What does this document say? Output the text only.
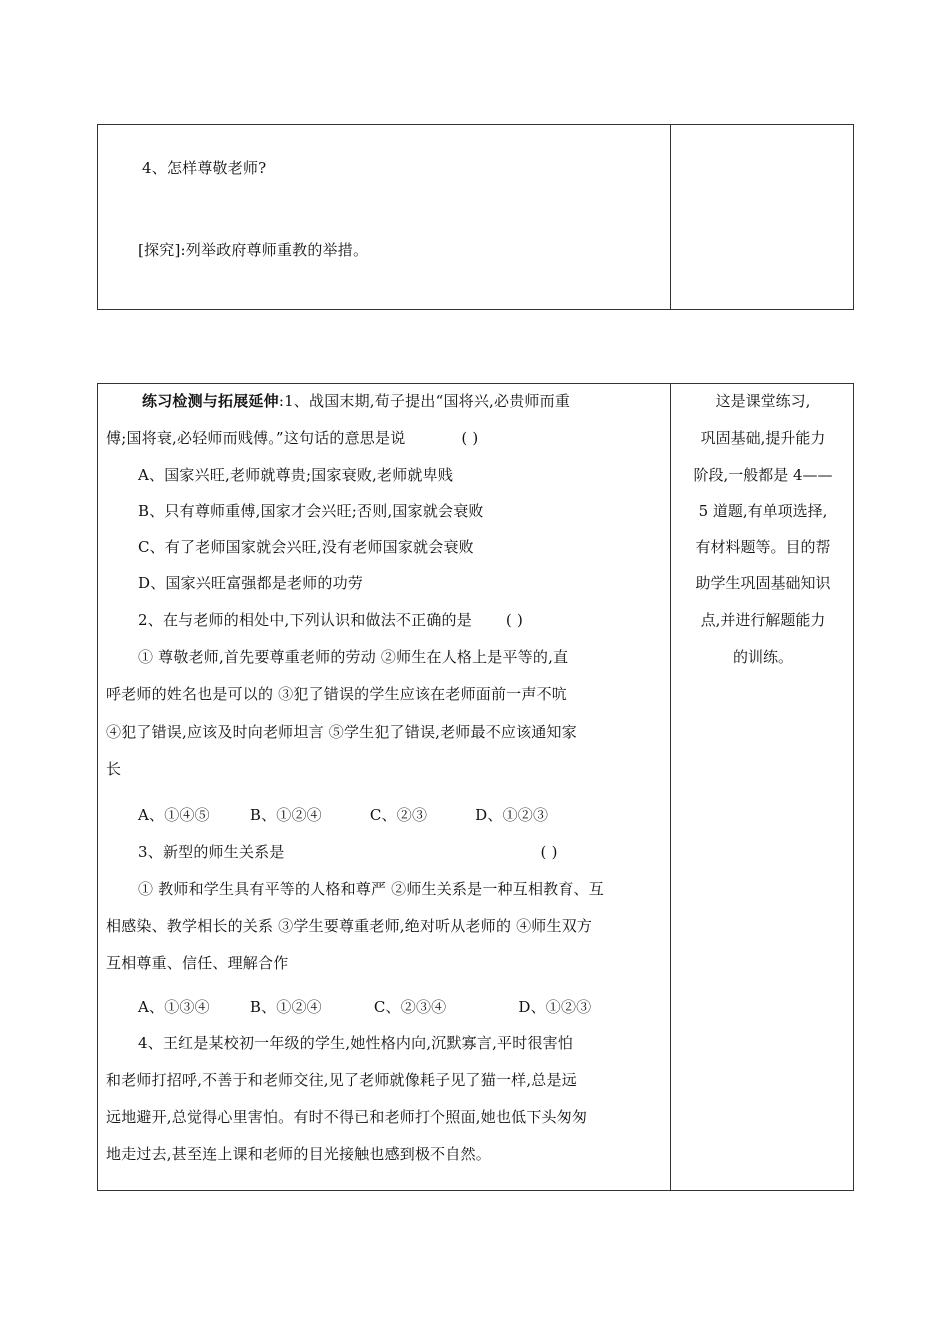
4、怎样尊敬老师?
[探究]:列举政府尊师重教的举措。
练习检测与拓展延伸:1、战国末期,荀子提出“国将兴,必贵师而重
傅;国将衰,必轻师而贱傅。”这句话的意思是说	( )
A、国家兴旺,老师就尊贵;国家衰败,老师就卑贱
B、只有尊师重傅,国家才会兴旺;否则,国家就会衰败
C、有了老师国家就会兴旺,没有老师国家就会衰败
D、国家兴旺富强都是老师的功劳
2、在与老师的相处中,下列认识和做法不正确的是 ( )
① 尊敬老师,首先要尊重老师的劳动 ②师生在人格上是平等的,直
呼老师的姓名也是可以的 ③犯了错误的学生应该在老师面前一声不吭
④犯了错误,应该及时向老师坦言 ⑤学生犯了错误,老师最不应该通知家
长
A、①④⑤	B、①②④	C、②③	D、①②③
3、新型的师生关系是	( )
① 教师和学生具有平等的人格和尊严 ②师生关系是一种互相教育、互
相感染、教学相长的关系 ③学生要尊重老师,绝对听从老师的 ④师生双方
互相尊重、信任、理解合作
A、①③④	B、①②④	C、②③④	D、①②③
4、王红是某校初一年级的学生,她性格内向,沉默寡言,平时很害怕
和老师打招呼,不善于和老师交往,见了老师就像耗子见了猫一样,总是远
远地避开,总觉得心里害怕。有时不得已和老师打个照面,她也低下头匆匆
地走过去,甚至连上课和老师的目光接触也感到极不自然。
这是课堂练习,
巩固基础,提升能力
阶段,一般都是 4——
5 道题,有单项选择,
有材料题等。目的帮
助学生巩固基础知识
点,并进行解题能力
的训练。
